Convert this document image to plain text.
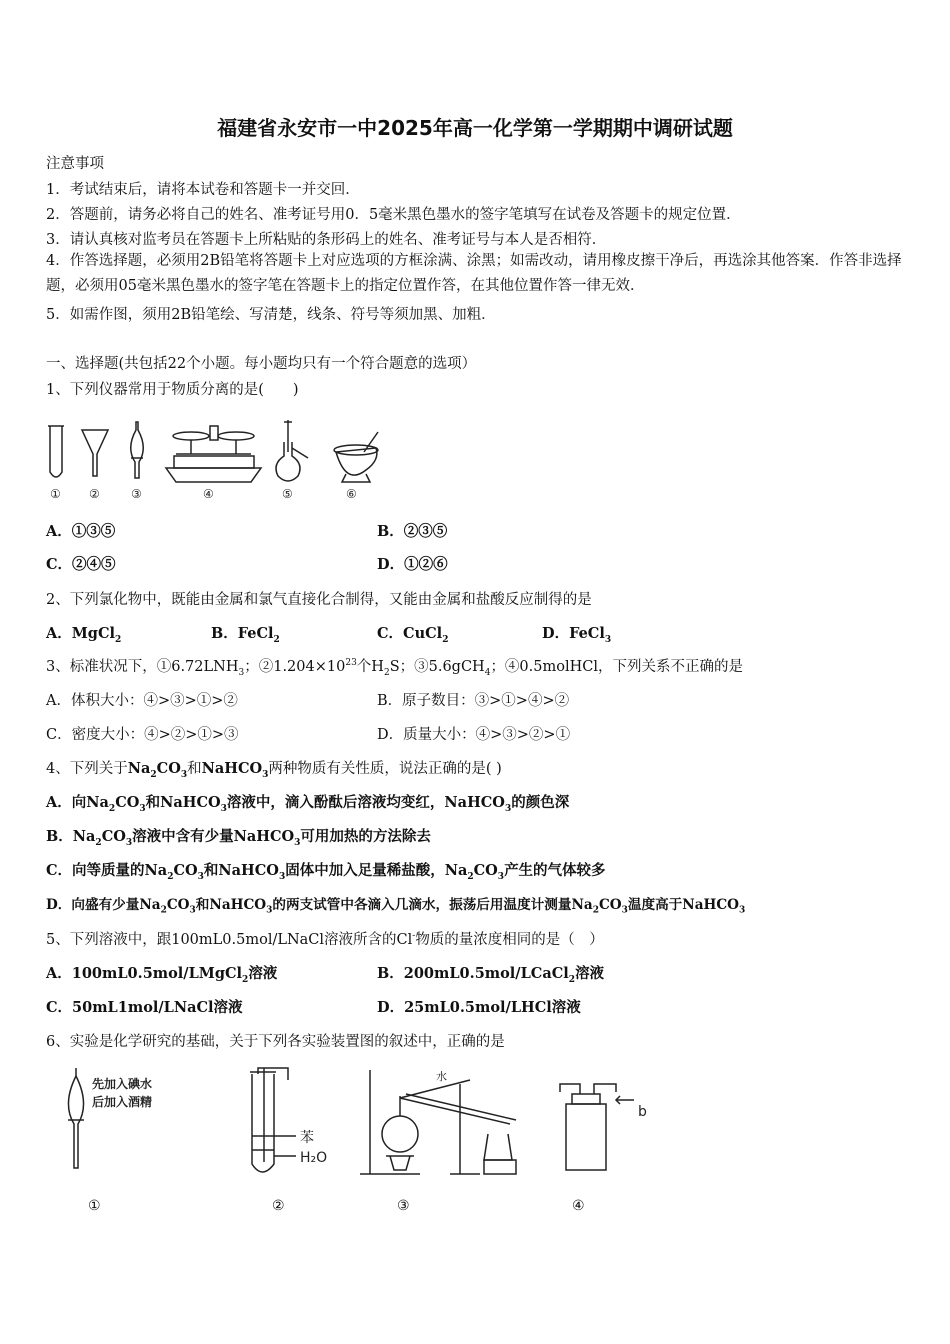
福建省永安市一中2025年高一化学第一学期期中调研试题
注意事项
1．考试结束后，请将本试卷和答题卡一并交回．
2．答题前，请务必将自己的姓名、准考证号用0．5毫米黑色墨水的签字笔填写在试卷及答题卡的规定位置．
3．请认真核对监考员在答题卡上所粘贴的条形码上的姓名、准考证号与本人是否相符．
4．作答选择题，必须用2B铅笔将答题卡上对应选项的方框涂满、涂黑；如需改动，请用橡皮擦干净后，再选涂其他答案．作答非选择题，必须用05毫米黑色墨水的签字笔在答题卡上的指定位置作答，在其他位置作答一律无效．
5．如需作图，须用2B铅笔绘、写清楚，线条、符号等须加黑、加粗．
一、选择题(共包括22个小题。每小题均只有一个符合题意的选项）
1、下列仪器常用于物质分离的是(　　)
① ②	③	④	⑤	⑥
A．①③⑤	B．②③⑤
C．②④⑤	D．①②⑥
2、下列氯化物中，既能由金属和氯气直接化合制得，又能由金属和盐酸反应制得的是
A．MgCl$_2$	B．FeCl$_2$	C．CuCl$_2$	D．FeCl$_3$
3、标准状况下，$①6.72LNH_3$；$②1.204\times 10^{23}$个$H_2S$；③5.6gCH$_4$；④0.5molHCl，下列关系不正确的是
A．体积大小：④>③>①>②	B．原子数目：③>①>④>②
C．密度大小：④>②>①>③	D．质量大小：④>③>②>①
4、下列关于$Na_2CO_3$和NaHCO$_3$两种物质有关性质，说法正确的是( )
A．向$Na_2CO_3$和NaHCO$_3$溶液中，滴入酚酞后溶液均变红，NaHCO$_3$的颜色深
B．$Na_2CO_3$溶液中含有少量NaHCO$_3$可用加热的方法除去
C．向等质量的$Na_2CO_3$和NaHCO$_3$固体中加入足量稀盐酸，$Na_2CO_3$产生的气体较多
D．向盛有少量$Na_2CO_3$和NaHCO$_3$的两支试管中各滴入几滴水，振荡后用温度计测量$Na_2CO_3$温度高于NaHCO$_3$
5、下列溶液中，跟100mL0.5mol/LNaCl溶液所含的Cl-物质的量浓度相同的是（　）
A．100mL0.5mol/LMgCl$_2$溶液	B．200mL0.5mol/LCaCl$_2$溶液
C．50mL1mol/LNaCl溶液	D．25mL0.5mol/LHCl溶液
6、实验是化学研究的基础，关于下列各实验装置图的叙述中，正确的是
先加入碘水
后加入酒精
苯
H₂O
水
b
①	②	③	④
